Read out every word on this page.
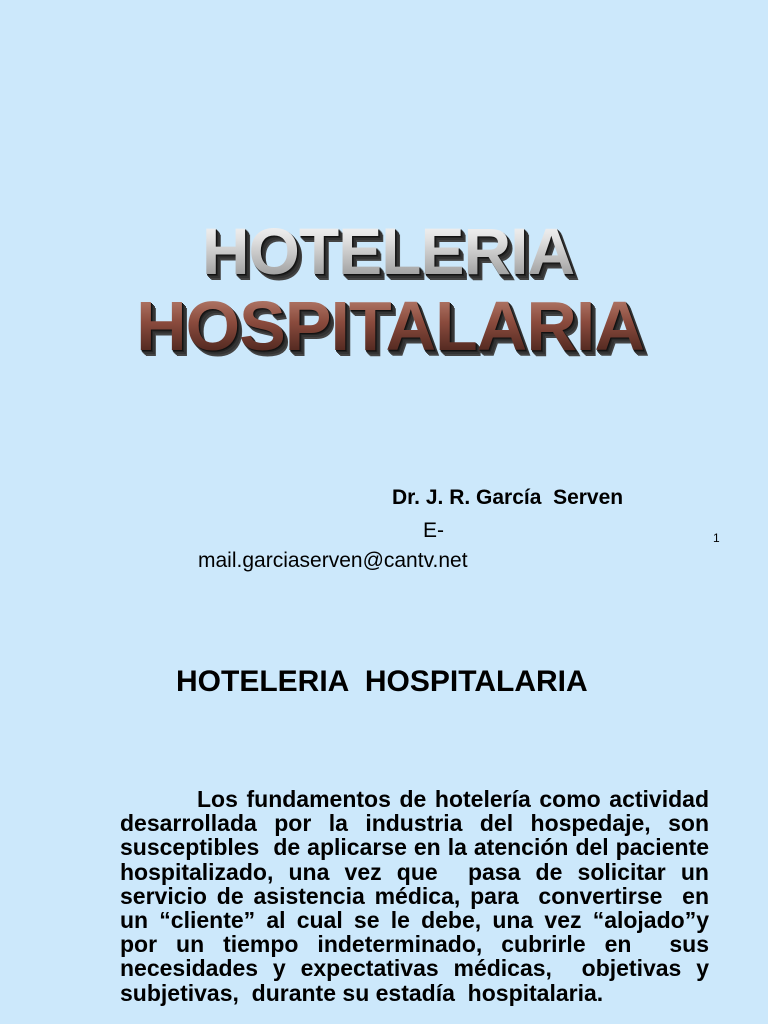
HOTELERIA
HOSPITALARIA
Dr. J. R. García  Serven
E-	1
mail.garciaserven@cantv.net
HOTELERIA  HOSPITALARIA

Los fundamentos de hotelería como actividad desarrollada por la industria del hospedaje, son susceptibles  de aplicarse en la atención del paciente hospitalizado, una vez que  pasa de solicitar un servicio de asistencia médica, para  convertirse  en un “cliente” al cual se le debe, una vez “alojado”y por un tiempo indeterminado, cubrirle en  sus  necesidades y expectativas médicas,  objetivas y subjetivas,  durante su estadía  hospitalaria.
